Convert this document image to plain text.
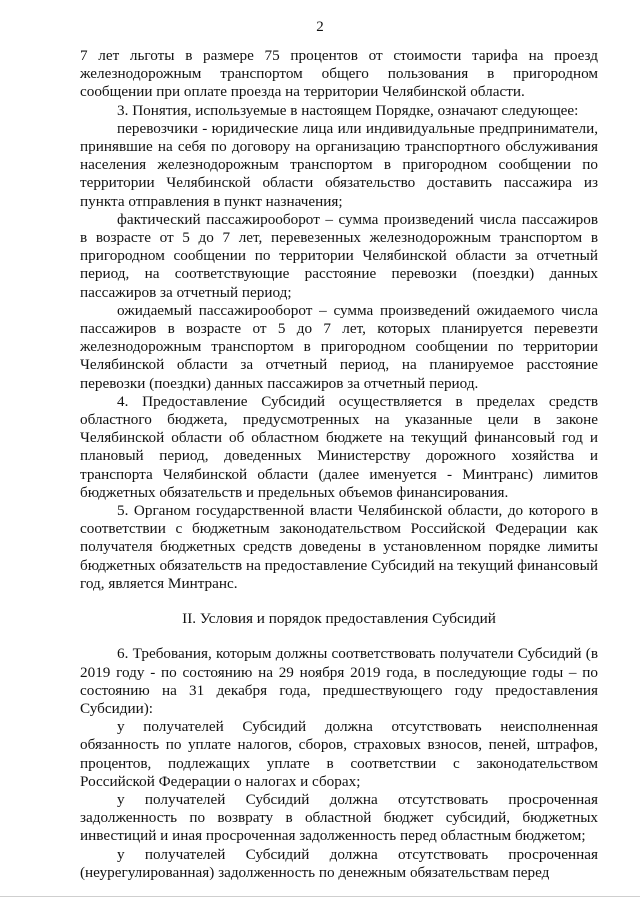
2

7 лет льготы в размере 75 процентов от стоимости тарифа на проезд железнодорожным транспортом общего пользования в пригородном сообщении при оплате проезда на территории Челябинской области.

3. Понятия, используемые в настоящем Порядке, означают следующее:

перевозчики - юридические лица или индивидуальные предприниматели, принявшие на себя по договору на организацию транспортного обслуживания населения железнодорожным транспортом в пригородном сообщении по территории Челябинской области обязательство доставить пассажира из пункта отправления в пункт назначения;

фактический пассажирооборот – сумма произведений числа пассажиров в возрасте от 5 до 7 лет, перевезенных железнодорожным транспортом в пригородном сообщении по территории Челябинской области за отчетный период, на соответствующие расстояние перевозки (поездки) данных пассажиров за отчетный период;

ожидаемый пассажирооборот – сумма произведений ожидаемого числа пассажиров в возрасте от 5 до 7 лет, которых планируется перевезти железнодорожным транспортом в пригородном сообщении по территории Челябинской области за отчетный период, на планируемое расстояние перевозки (поездки) данных пассажиров за отчетный период.

4. Предоставление Субсидий осуществляется в пределах средств областного бюджета, предусмотренных на указанные цели в законе Челябинской области об областном бюджете на текущий финансовый год и плановый период, доведенных Министерству дорожного хозяйства и транспорта Челябинской области (далее именуется - Минтранс) лимитов бюджетных обязательств и предельных объемов финансирования.

5. Органом государственной власти Челябинской области, до которого в соответствии с бюджетным законодательством Российской Федерации как получателя бюджетных средств доведены в установленном порядке лимиты бюджетных обязательств на предоставление Субсидий на текущий финансовый год, является Минтранс.

II. Условия и порядок предоставления Субсидий

6. Требования, которым должны соответствовать получатели Субсидий (в 2019 году - по состоянию на 29 ноября 2019 года, в последующие годы – по состоянию на 31 декабря года, предшествующего году предоставления Субсидии):

у получателей Субсидий должна отсутствовать неисполненная обязанность по уплате налогов, сборов, страховых взносов, пеней, штрафов, процентов, подлежащих уплате в соответствии с законодательством Российской Федерации о налогах и сборах;

у получателей Субсидий должна отсутствовать просроченная задолженность по возврату в областной бюджет субсидий, бюджетных инвестиций и иная просроченная задолженность перед областным бюджетом;

у получателей Субсидий должна отсутствовать просроченная (неурегулированная) задолженность по денежным обязательствам перед
